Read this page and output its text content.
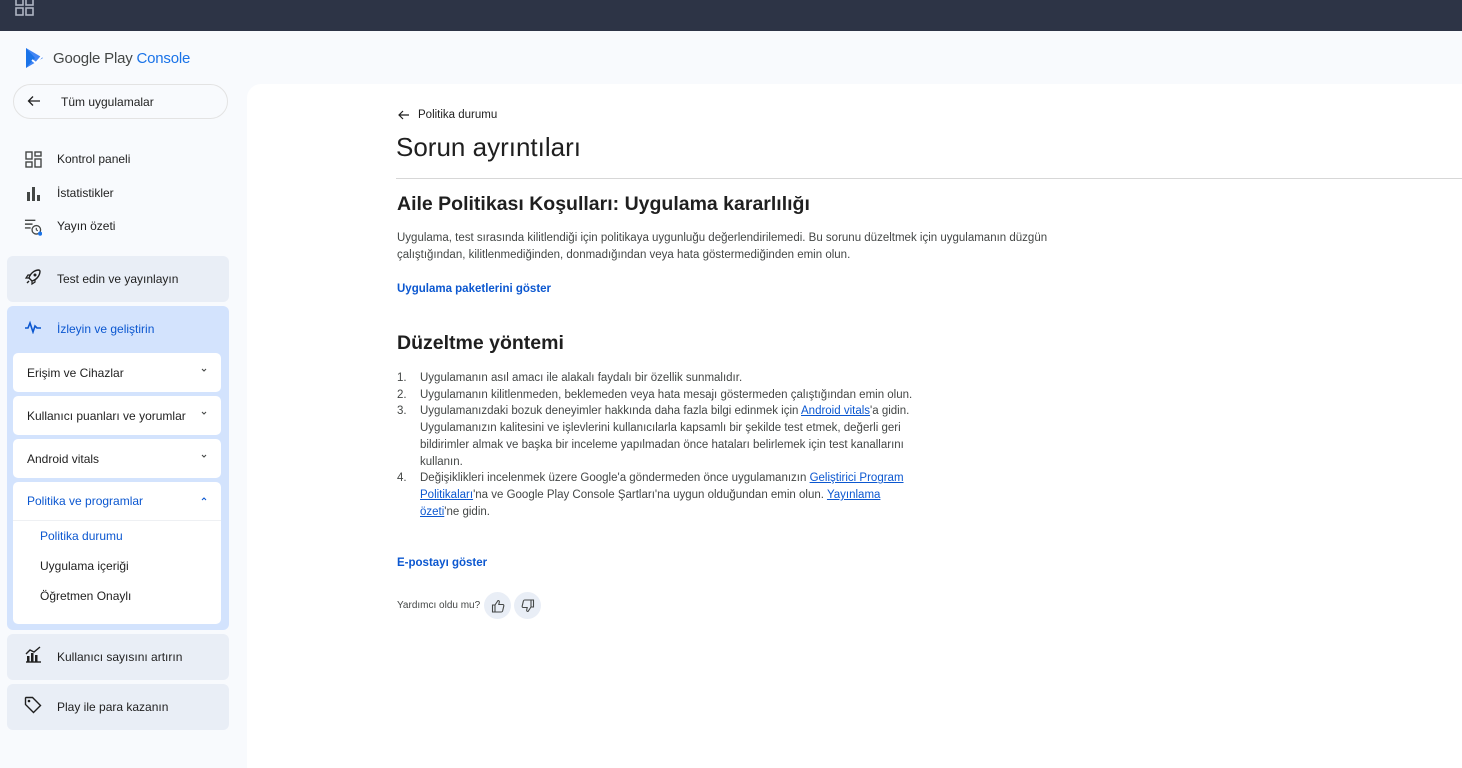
Google Play Console
Tüm uygulamalar
Kontrol paneli
İstatistikler
Yayın özeti
Test edin ve yayınlayın
İzleyin ve geliştirin
Erişim ve Cihazlar
Kullanıcı puanları ve yorumlar
Android vitals
Politika ve programlar
Politika durumu
Uygulama içeriği
Öğretmen Onaylı
Kullanıcı sayısını artırın
Play ile para kazanın
Politika durumu
Sorun ayrıntıları
Aile Politikası Koşulları: Uygulama kararlılığı
Uygulama, test sırasında kilitlendiği için politikaya uygunluğu değerlendirilemedi. Bu sorunu düzeltmek için uygulamanın düzgün
çalıştığından, kilitlenmediğinden, donmadığından veya hata göstermediğinden emin olun.
Uygulama paketlerini göster
Düzeltme yöntemi
1. Uygulamanın asıl amacı ile alakalı faydalı bir özellik sunmalıdır.
2. Uygulamanın kilitlenmeden, beklemeden veya hata mesajı göstermeden çalıştığından emin olun.
3. Uygulamanızdaki bozuk deneyimler hakkında daha fazla bilgi edinmek için Android vitals'a gidin. Uygulamanızın kalitesini ve işlevlerini kullanıcılarla kapsamlı bir şekilde test etmek, değerli geri bildirimler almak ve başka bir inceleme yapılmadan önce hataları belirlemek için test kanallarını kullanın.
4. Değişiklikleri incelenmek üzere Google'a göndermeden önce uygulamanızın Geliştirici Program Politikaları'na ve Google Play Console Şartları'na uygun olduğundan emin olun. Yayınlama özeti'ne gidin.
E-postayı göster
Yardımcı oldu mu?
